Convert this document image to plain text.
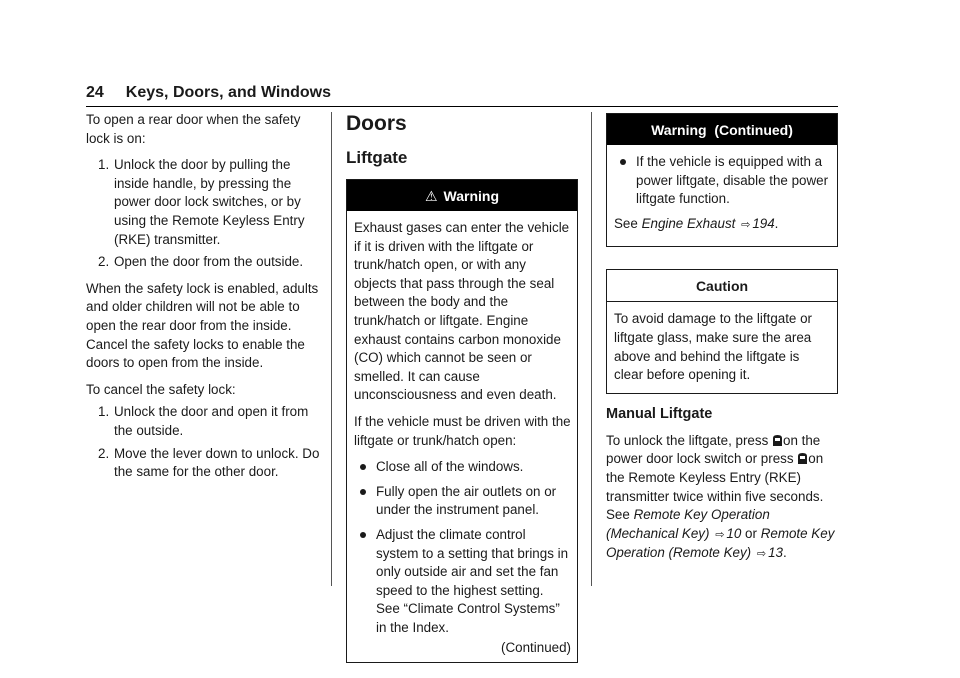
24 Keys, Doors, and Windows

To open a rear door when the safety lock is on:

1. Unlock the door by pulling the inside handle, by pressing the power door lock switches, or by using the Remote Keyless Entry (RKE) transmitter.
2. Open the door from the outside.

When the safety lock is enabled, adults and older children will not be able to open the rear door from the inside. Cancel the safety locks to enable the doors to open from the inside.

To cancel the safety lock:

1. Unlock the door and open it from the outside.
2. Move the lever down to unlock. Do the same for the other door.
Doors
Liftgate
⚠ Warning

Exhaust gases can enter the vehicle if it is driven with the liftgate or trunk/hatch open, or with any objects that pass through the seal between the body and the trunk/hatch or liftgate. Engine exhaust contains carbon monoxide (CO) which cannot be seen or smelled. It can cause unconsciousness and even death.

If the vehicle must be driven with the liftgate or trunk/hatch open:

Close all of the windows.
Fully open the air outlets on or under the instrument panel.
Adjust the climate control system to a setting that brings in only outside air and set the fan speed to the highest setting. See “Climate Control Systems” in the Index.
(Continued)
Warning  (Continued)
If the vehicle is equipped with a power liftgate, disable the power liftgate function.

See Engine Exhaust ⇨ 194.

Caution

To avoid damage to the liftgate or liftgate glass, make sure the area above and behind the liftgate is clear before opening it.

Manual Liftgate

To unlock the liftgate, press on the power door lock switch or press on the Remote Keyless Entry (RKE) transmitter twice within five seconds. See Remote Key Operation (Mechanical Key) ⇨ 10 or Remote Key Operation (Remote Key) ⇨ 13.
